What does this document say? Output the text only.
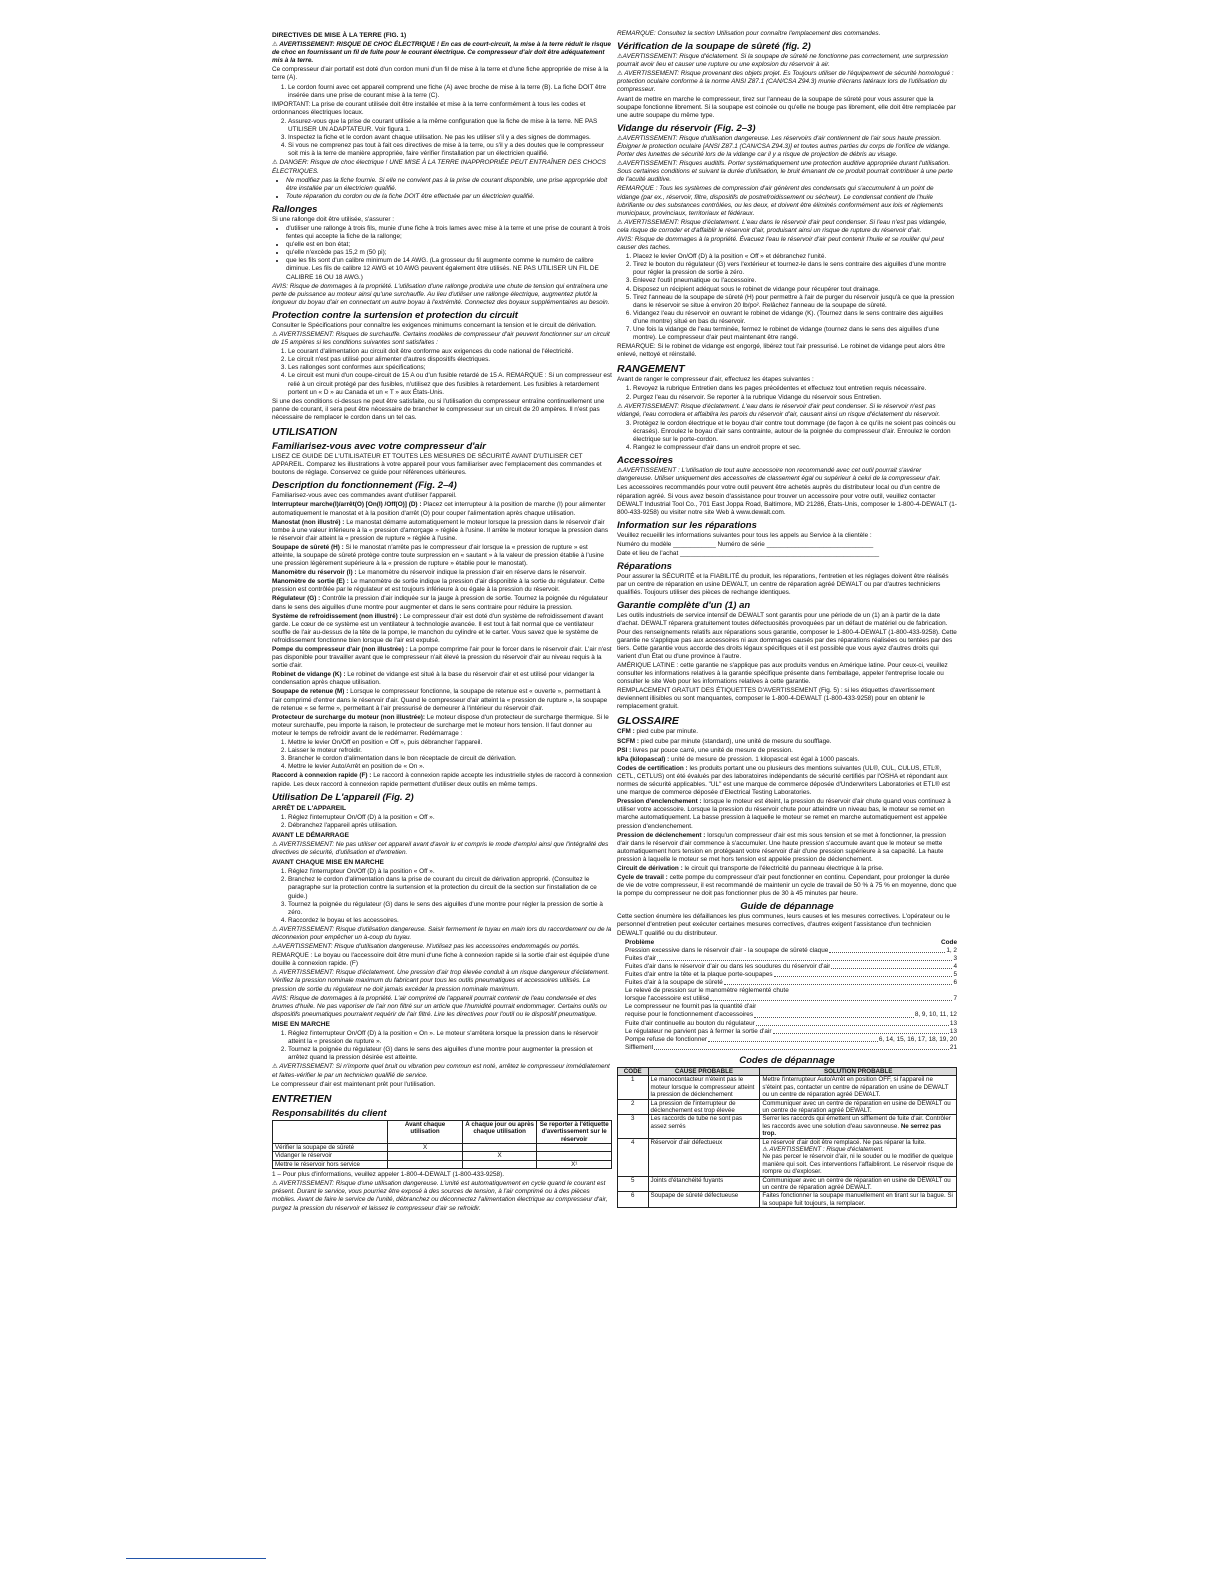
DIRECTIVES DE MISE À LA TERRE (FIG. 1)

⚠ AVERTISSEMENT: RISQUE DE CHOC ÉLECTRIQUE ! En cas de court-circuit, la mise à la terre réduit le risque de choc en fournissant un fil de fuite pour le courant électrique. Ce compresseur d'air doit être adéquatement mis à la terre.

Ce compresseur d'air portatif est doté d'un cordon muni d'un fil de mise à la terre et d'une fiche appropriée de mise à la terre (A).

1. Le cordon fourni avec cet appareil comprend une fiche (A) avec broche de mise à la terre (B). La fiche DOIT être insérée dans une prise de courant mise à la terre (C).

IMPORTANT: La prise de courant utilisée doit être installée et mise à la terre conformément à tous les codes et ordonnances électriques locaux.

2. Assurez-vous que la prise de courant utilisée a la même configuration que la fiche de mise à la terre. NE PAS UTILISER UN ADAPTATEUR. Voir figura 1.
3. Inspectez la fiche et le cordon avant chaque utilisation. Ne pas les utiliser s'il y a des signes de dommages.
4. Si vous ne comprenez pas tout à fait ces directives de mise à la terre, ou s'il y a des doutes que le compresseur soit mis à la terre de manière appropriée, faire vérifier l'installation par un électricien qualifié.

⚠ DANGER: Risque de choc électrique ! UNE MISE À LA TERRE INAPPROPRIÉE PEUT ENTRAÎNER DES CHOCS ÉLECTRIQUES.

• Ne modifiez pas la fiche fournie. Si elle ne convient pas à la prise de courant disponible, une prise appropriée doit être installée par un électricien qualifié.
• Toute réparation du cordon ou de la fiche DOIT être effectuée par un électricien qualifié.
Rallonges

Si une rallonge doit être utilisée, s'assurer :

• d'utiliser une rallonge à trois fils, munie d'une fiche à trois lames avec mise à la terre et une prise de courant à trois fentes qui accepte la fiche de la rallonge;
• qu'elle est en bon état;
• qu'elle n'excède pas 15,2 m (50 pi);
• que les fils sont d'un calibre minimum de 14 AWG. (La grosseur du fil augmente comme le numéro de calibre diminue. Les fils de calibre 12 AWG et 10 AWG peuvent également être utilisés. NE PAS UTILISER UN FIL DE CALIBRE 16 OU 18 AWG.)

AVIS: Risque de dommages à la propriété. L'utilisation d'une rallonge produira une chute de tension qui entraînera une perte de puissance au moteur ainsi qu'une surchauffe. Au lieu d'utiliser une rallonge électrique, augmentez plutôt la longueur du boyau d'air en connectant un autre boyau à l'extrémité. Connectez des boyaux supplémentaires au besoin.

Protection contre la surtension et protection du circuit

Consulter le Spécifications pour connaître les exigences minimums concernant la tension et le circuit de dérivation.

⚠ AVERTISSEMENT: Risques de surchauffe. Certains modèles de compresseur d'air peuvent fonctionner sur un circuit de 15 ampères si les conditions suivantes sont satisfaites :

1. Le courant d'alimentation au circuit doit être conforme aux exigences du code national de l'électricité.
2. Le circuit n'est pas utilisé pour alimenter d'autres dispositifs électriques.
3. Les rallonges sont conformes aux spécifications;
4. Le circuit est muni d'un coupe-circuit de 15 A ou d'un fusible retardé de 15 A. REMARQUE : Si un compresseur est relié à un circuit protégé par des fusibles, n'utilisez que des fusibles à retardement. Les fusibles à retardement portent un « D » au Canada et un « T » aux États-Unis.

Si une des conditions ci-dessus ne peut être satisfaite, ou si l'utilisation du compresseur entraîne continuellement une panne de courant, il sera peut être nécessaire de brancher le compresseur sur un circuit de 20 ampères. Il n'est pas nécessaire de remplacer le cordon dans un tel cas.

UTILISATION
Familiarisez-vous avec votre compresseur d'air

LISEZ CE GUIDE DE L'UTILISATEUR ET TOUTES LES MESURES DE SÉCURITÉ AVANT D'UTILISER CET APPAREIL. Comparez les illustrations à votre appareil pour vous familiariser avec l'emplacement des commandes et boutons de réglage. Conservez ce guide pour références ultérieures.

Description du fonctionnement (Fig. 2–4)

Familiarisez-vous avec ces commandes avant d'utiliser l'appareil.

Interrupteur marche(I)/arrêt(O) [On(I) /Off(O)] (D) : Placez cet interrupteur à la position de marche (I) pour alimenter automatiquement le manostat et à la position d'arrêt (O) pour couper l'alimentation après chaque utilisation.

Manostat (non illustré) : Le manostat démarre automatiquement le moteur lorsque la pression dans le réservoir d'air tombe à une valeur inférieure à la « pression d'amorçage » réglée à l'usine. Il arrête le moteur lorsque la pression dans le réservoir d'air atteint la « pression de rupture » réglée à l'usine.

Soupape de sûreté (H) : Si le manostat n'arrête pas le compresseur d'air lorsque la « pression de rupture » est atteinte, la soupape de sûreté protège contre toute surpression en « sautant » à la valeur de pression établie à l'usine une pression légèrement supérieure à la « pression de rupture » établie pour le manostat).

Manomètre du réservoir (I) : Le manomètre du réservoir indique la pression d'air en réserve dans le réservoir.

Manomètre de sortie (E) : Le manomètre de sortie indique la pression d'air disponible à la sortie du régulateur. Cette pression est contrôlée par le régulateur et est toujours inférieure à ou égale à la pression du réservoir.

Régulateur (G) : Contrôle la pression d'air indiquée sur la jauge à pression de sortie. Tournez la poignée du régulateur dans le sens des aiguilles d'une montre pour augmenter et dans le sens contraire pour réduire la pression.

Système de refroidissement (non illustré) : Le compresseur d'air est doté d'un système de refroidissement d'avant garde. Le cœur de ce système est un ventilateur à technologie avancée. Il est tout à fait normal que ce ventilateur souffle de l'air au-dessus de la tête de la pompe, le manchon du cylindre et le carter. Vous savez que le système de refroidissement fonctionne bien lorsque de l'air est expulsé.

Pompe du compresseur d'air (non illustrée) : La pompe comprime l'air pour le forcer dans le réservoir d'air. L'air n'est pas disponible pour travailler avant que le compresseur n'ait élevé la pression du réservoir d'air au niveau requis à la sortie d'air.

Robinet de vidange (K) : Le robinet de vidange est situé à la base du réservoir d'air et est utilisé pour vidanger la condensation après chaque utilisation.

Soupape de retenue (M) : Lorsque le compresseur fonctionne, la soupape de retenue est « ouverte », permettant à l'air comprimé d'entrer dans le réservoir d'air. Quand le compresseur d'air atteint la « pression de rupture », la soupape de retenue « se ferme », permettant à l'air pressurisé de demeurer à l'intérieur du réservoir d'air.

Protecteur de surcharge du moteur (non illustrée): Le moteur dispose d'un protecteur de surcharge thermique. Si le moteur surchauffe, peu importe la raison, le protecteur de surcharge met le moteur hors tension. Il faut donner au moteur le temps de refroidir avant de le redémarrer. Redémarrage :

1. Mettre le levier On/Off en position « Off », puis débrancher l'appareil.
2. Laisser le moteur refroidir.
3. Brancher le cordon d'alimentation dans le bon réceptacle de circuit de dérivation.
4. Mettre le levier Auto/Arrêt en position de « On ».

Raccord à connexion rapide (F) : Le raccord à connexion rapide accepte les industrielle styles de raccord à connexion rapide. Les deux raccord à connexion rapide permettent d'utiliser deux outils en même temps.

Utilisation De L'appareil (Fig. 2)
ARRÊT DE L'APPAREIL
1. Réglez l'interrupteur On/Off (D) à la position « Off ».
2. Débranchez l'appareil après utilisation.
AVANT LE DÉMARRAGE

⚠ AVERTISSEMENT: Ne pas utiliser cet appareil avant d'avoir lu et compris le mode d'emploi ainsi que l'intégralité des directives de sécurité, d'utilisation et d'entretien.

AVANT CHAQUE MISE EN MARCHE
1. Réglez l'interrupteur On/Off (D) à la position « Off ».
2. Branchez le cordon d'alimentation dans la prise de courant du circuit de dérivation approprié. (Consultez le paragraphe sur la protection contre la surtension et la protection du circuit de la section sur l'installation de ce guide.)
3. Tournez la poignée du régulateur (G) dans le sens des aiguilles d'une montre pour régler la pression de sortie à zéro.
4. Raccordez le boyau et les accessoires.

⚠ AVERTISSEMENT: Risque d'utilisation dangereuse. Saisir fermement le tuyau en main lors du raccordement ou de la déconnexion pour empêcher un à-coup du tuyau.

⚠AVERTISSEMENT: Risque d'utilisation dangereuse. N'utilisez pas les accessoires endommagés ou portés.

REMARQUE : Le boyau ou l'accessoire doit être muni d'une fiche à connexion rapide si la sortie d'air est équipée d'une douille à connexion rapide. (F)

⚠ AVERTISSEMENT: Risque d'éclatement. Une pression d'air trop élevée conduit à un risque dangereux d'éclatement. Vérifiez la pression nominale maximum du fabricant pour tous les outils pneumatiques et accessoires utilisés. La pression de sortie du régulateur ne doit jamais excéder la pression nominale maximum.

AVIS: Risque de dommages à la propriété. L'air comprimé de l'appareil pourrait contenir de l'eau condensée et des brumes d'huile. Ne pas vaporiser de l'air non filtré sur un article que l'humidité pourrait endommager. Certains outils ou dispositifs pneumatiques pourraient requérir de l'air filtré. Lire les directives pour l'outil ou le dispositif pneumatique.

MISE EN MARCHE
1. Réglez l'interrupteur On/Off (D) à la position « On ». Le moteur s'arrêtera lorsque la pression dans le réservoir atteint la « pression de rupture ».
2. Tournez la poignée du régulateur (G) dans le sens des aiguilles d'une montre pour augmenter la pression et arrêtez quand la pression désirée est atteinte.

⚠ AVERTISSEMENT: Si n'importe quel bruit ou vibration peu commun est noté, arrêtez le compresseur immédiatement et faites-vérifier le par un technicien qualifié de service.

Le compresseur d'air est maintenant prêt pour l'utilisation.

ENTRETIEN
Responsabilités du client
	Avant chaque utilisation	À chaque jour ou après chaque utilisation	Se reporter à l'étiquette d'avertissement sur le réservoir
Vérifier la soupape de sûreté	X		
Vidanger le réservoir		X	
Mettre le réservoir hors service			X¹

1 – Pour plus d'informations, veuillez appeler 1-800-4-DEWALT (1-800-433-9258).

⚠ AVERTISSEMENT: Risque d'une utilisation dangereuse. L'unité est automatiquement en cycle quand le courant est présent. Durant le service, vous pourriez être exposé à des sources de tension, à l'air comprimé ou à des pièces mobiles. Avant de faire le service de l'unité, débranchez ou déconnectez l'alimentation électrique au compresseur d'air, purgez la pression du réservoir et laissez le compresseur d'air se refroidir.

REMARQUE: Consultez la section Utilisation pour connaître l'emplacement des commandes.

Vérification de la soupape de sûreté (fig. 2)

⚠AVERTISSEMENT: Risque d'éclatement. Si la soupape de sûreté ne fonctionne pas correctement, une surpression pourrait avoir lieu et causer une rupture ou une explosion du réservoir à air.

⚠ AVERTISSEMENT: Risque provenant des objets projet. Es Toujours utiliser de l'équipement de sécurité homologué : protection oculaire conforme à la norme ANSI Z87.1 (CAN/CSA Z94.3) munie d'écrans latéraux lors de l'utilisation du compresseur.

Avant de mettre en marche le compresseur, tirez sur l'anneau de la soupape de sûreté pour vous assurer que la soupape fonctionne librement. Si la soupape est coincée ou qu'elle ne bouge pas librement, elle doit être remplacée par une autre soupape du même type.

Vidange du réservoir (Fig. 2–3)

⚠AVERTISSEMENT: Risque d'utilisation dangereuse. Les réservoirs d'air contiennent de l'air sous haute pression. Éloigner le protection oculaire [ANSI Z87.1 (CAN/CSA Z94.3)] et toutes autres parties du corps de l'orifice de vidange. Porter des lunettes de sécurité lors de la vidange car il y a risque de projection de débris au visage.

⚠AVERTISSEMENT: Risques auditifs. Porter systématiquement une protection auditive appropriée durant l'utilisation. Sous certaines conditions et suivant la durée d'utilisation, le bruit émanant de ce produit pourrait contribuer à une perte de l'acuité auditive.

REMARQUE : Tous les systèmes de compression d'air génèrent des condensats qui s'accumulent à un point de vidange (par ex., réservoir, filtre, dispositifs de postrefroidissement ou sécheur). Le condensat contient de l'huile lubrifiante ou des substances contrôlées, ou les deux, et doivent être éliminés conformément aux lois et règlements municipaux, provinciaux, territoriaux et fédéraux.

⚠ AVERTISSEMENT: Risque d'éclatement. L'eau dans le réservoir d'air peut condenser. Si l'eau n'est pas vidangée, cela risque de corroder et d'affaiblir le réservoir d'air, produisant ainsi un risque de rupture du réservoir d'air.

AVIS: Risque de dommages à la propriété. Évacuez l'eau le réservoir d'air peut contenir l'huile et se rouiller qui peut causer des taches.

1. Placez le levier On/Off (D) à la position « Off » et débranchez l'unité.
2. Tirez le bouton du régulateur (G) vers l'extérieur et tournez-le dans le sens contraire des aiguilles d'une montre pour régler la pression de sortie à zéro.
3. Enlevez l'outil pneumatique ou l'accessoire.
4. Disposez un récipient adéquat sous le robinet de vidange pour récupérer tout drainage.
5. Tirez l'anneau de la soupape de sûreté (H) pour permettre à l'air de purger du réservoir jusqu'à ce que la pression dans le réservoir se situe à environ 20 lb/po². Relâchez l'anneau de la soupape de sûreté.
6. Vidangez l'eau du réservoir en ouvrant le robinet de vidange (K). (Tournez dans le sens contraire des aiguilles d'une montre) situé en bas du réservoir.
7. Une fois la vidange de l'eau terminée, fermez le robinet de vidange (tournez dans le sens des aiguilles d'une montre). Le compresseur d'air peut maintenant être rangé.

REMARQUE: Si le robinet de vidange est engorgé, libérez tout l'air pressurisé. Le robinet de vidange peut alors être enlevé, nettoyé et réinstallé.

RANGEMENT

Avant de ranger le compresseur d'air, effectuez les étapes suivantes :

1. Revoyez la rubrique Entretien dans les pages précédentes et effectuez tout entretien requis nécessaire.
2. Purgez l'eau du réservoir. Se reporter à la rubrique Vidange du réservoir sous Entretien.

⚠ AVERTISSEMENT: Risque d'éclatement. L'eau dans le réservoir d'air peut condenser. Si le réservoir n'est pas vidangé, l'eau corrodera et affaiblira les parois du réservoir d'air, causant ainsi un risque d'éclatement du réservoir.

3. Protégez le cordon électrique et le boyau d'air contre tout dommage (de façon à ce qu'ils ne soient pas coincés ou écrasés). Enroulez le boyau d'air sans contrainte, autour de la poignée du compresseur d'air. Enroulez le cordon électrique sur le porte-cordon.
4. Rangez le compresseur d'air dans un endroit propre et sec.
Accessoires

⚠AVERTISSEMENT : L'utilisation de tout autre accessoire non recommandé avec cet outil pourrait s'avérer dangereuse. Utiliser uniquement des accessoires de classement égal ou supérieur à celui de la compresseur d'air.

Les accessoires recommandés pour votre outil peuvent être achetés auprès du distributeur local ou d'un centre de réparation agréé. Si vous avez besoin d'assistance pour trouver un accessoire pour votre outil, veuillez contacter DEWALT Industrial Tool Co., 701 East Joppa Road, Baltimore, MD 21286, États-Unis, composer le 1-800-4-DEWALT (1-800-433-9258) ou visiter notre site Web à www.dewalt.com.

Information sur les réparations

Veuillez recueillir les informations suivantes pour tous les appels au Service à la clientèle :

Numéro du modèle ____________ Numéro de série ______________________________

Date et lieu de l'achat ________________________________________________________

Réparations

Pour assurer la SÉCURITÉ et la FIABILITÉ du produit, les réparations, l'entretien et les réglages doivent être réalisés par un centre de réparation en usine DEWALT, un centre de réparation agréé DEWALT ou par d'autres techniciens qualifiés. Toujours utiliser des pièces de rechange identiques.

Garantie complète d'un (1) an

Les outils industriels de service intensif de DEWALT sont garantis pour une période de un (1) an à partir de la date d'achat. DEWALT réparera gratuitement toutes défectuosités provoquées par un défaut de matériel ou de fabrication. Pour des renseignements relatifs aux réparations sous garantie, composer le 1-800-4-DEWALT (1-800-433-9258). Cette garantie ne s'applique pas aux accessoires ni aux dommages causés par des réparations réalisées ou tentées par des tiers. Cette garantie vous accorde des droits légaux spécifiques et il est possible que vous ayez d'autres droits qui varient d'un État ou d'une province à l'autre.

AMÉRIQUE LATINE : cette garantie ne s'applique pas aux produits vendus en Amérique latine. Pour ceux-ci, veuillez consulter les informations relatives à la garantie spécifique présente dans l'emballage, appeler l'entreprise locale ou consulter le site Web pour les informations relatives à cette garantie.

REMPLACEMENT GRATUIT DES ÉTIQUETTES D'AVERTISSEMENT (Fig. 5) : si les étiquettes d'avertissement deviennent illisibles ou sont manquantes, composer le 1-800-4-DEWALT (1-800-433-9258) pour en obtenir le remplacement gratuit.

GLOSSAIRE

CFM : pied cube par minute.

SCFM : pied cube par minute (standard), une unité de mesure du soufflage.

PSI : livres par pouce carré, une unité de mesure de pression.

kPa (kilopascal) : unité de mesure de pression. 1 kilopascal est égal à 1000 pascals.

Codes de certification : les produits portant une ou plusieurs des mentions suivantes (UL®, CUL, CULUS, ETL®, CETL, CETLUS) ont été évalués par des laboratoires indépendants de sécurité certifiés par l'OSHA et répondant aux normes de sécurité applicables. "UL" est une marque de commerce déposée d'Underwriters Laboratories et ETL® est une marque de commerce déposée d'Electrical Testing Laboratories.

Pression d'enclenchement : lorsque le moteur est éteint, la pression du réservoir d'air chute quand vous continuez à utiliser votre accessoire. Lorsque la pression du réservoir chute pour atteindre un niveau bas, le moteur se remet en marche automatiquement. La basse pression à laquelle le moteur se remet en marche automatiquement est appelée pression d'enclenchement.

Pression de déclenchement : lorsqu'un compresseur d'air est mis sous tension et se met à fonctionner, la pression d'air dans le réservoir d'air commence à s'accumuler. Une haute pression s'accumule avant que le moteur se mette automatiquement hors tension en protégeant votre réservoir d'air d'une pression supérieure à sa capacité. La haute pression à laquelle le moteur se met hors tension est appelée pression de déclenchement.

Circuit de dérivation : le circuit qui transporte de l'électricité du panneau électrique à la prise.

Cycle de travail : cette pompe du compresseur d'air peut fonctionner en continu. Cependant, pour prolonger la durée de vie de votre compresseur, il est recommandé de maintenir un cycle de travail de 50 % à 75 % en moyenne, donc que la pompe du compresseur ne doit pas fonctionner plus de 30 à 45 minutes par heure.

Guide de dépannage

Cette section énumère les défaillances les plus communes, leurs causes et les mesures correctives. L'opérateur ou le personnel d'entretien peut exécuter certaines mesures correctives, d'autres exigent l'assistance d'un technicien DEWALT qualifié ou du distributeur.

Problème	Code
Pression excessive dans le réservoir d'air - la soupape de sûreté claque	1, 2
Fuites d'air	3
Fuites d'air dans le réservoir d'air ou dans les soudures du réservoir d'air	4
Fuites d'air entre la tête et la plaque porte-soupapes	5
Fuites d'air à la soupape de sûreté	6
Le relevé de pression sur le manomètre réglementé chute
lorsque l'accessoire est utilisé	7
Le compresseur ne fournit pas la quantité d'air
requise pour le fonctionnement d'accessoires	8, 9, 10, 11, 12
Fuite d'air continuelle au bouton du régulateur	13
Le régulateur ne parvient pas à fermer la sortie d'air	13
Pompe refuse de fonctionner	6, 14, 15, 16, 17, 18, 19, 20
Sifflement	21
Codes de dépannage
CODE	CAUSE PROBABLE	SOLUTION PROBABLE
1	Le manocontacteur n'éteint pas le moteur lorsque le compresseur atteint la pression de déclenchement	Mettre l'interrupteur Auto/Arrêt en position OFF, si l'appareil ne s'éteint pas, contacter un centre de réparation en usine de DEWALT ou un centre de réparation agréé DEWALT.
2	La pression de l'interrupteur de déclenchement est trop élevée	Communiquer avec un centre de réparation en usine de DEWALT ou un centre de réparation agréé DEWALT.
3	Les raccords de tube ne sont pas assez serrés	Serrer les raccords qui émettent un sifflement de fuite d'air. Contrôler les raccords avec une solution d'eau savonneuse. Ne serrez pas trop.
4	Réservoir d'air défectueux	Le réservoir d'air doit être remplacé. Ne pas réparer la fuite.
⚠ AVERTISSEMENT : Risque d'éclatement.
Ne pas percer le réservoir d'air, ni le souder ou le modifier de quelque manière qui soit. Ces interventions l'affaibliront. Le réservoir risque de rompre ou d'exploser.

5	Joints d'étanchéité fuyants	Communiquer avec un centre de réparation en usine de DEWALT ou un centre de réparation agréé DEWALT.
6	Soupape de sûreté défectueuse	Faites fonctionner la soupape manuellement en tirant sur la bague. Si la soupape fuit toujours, la remplacer.
